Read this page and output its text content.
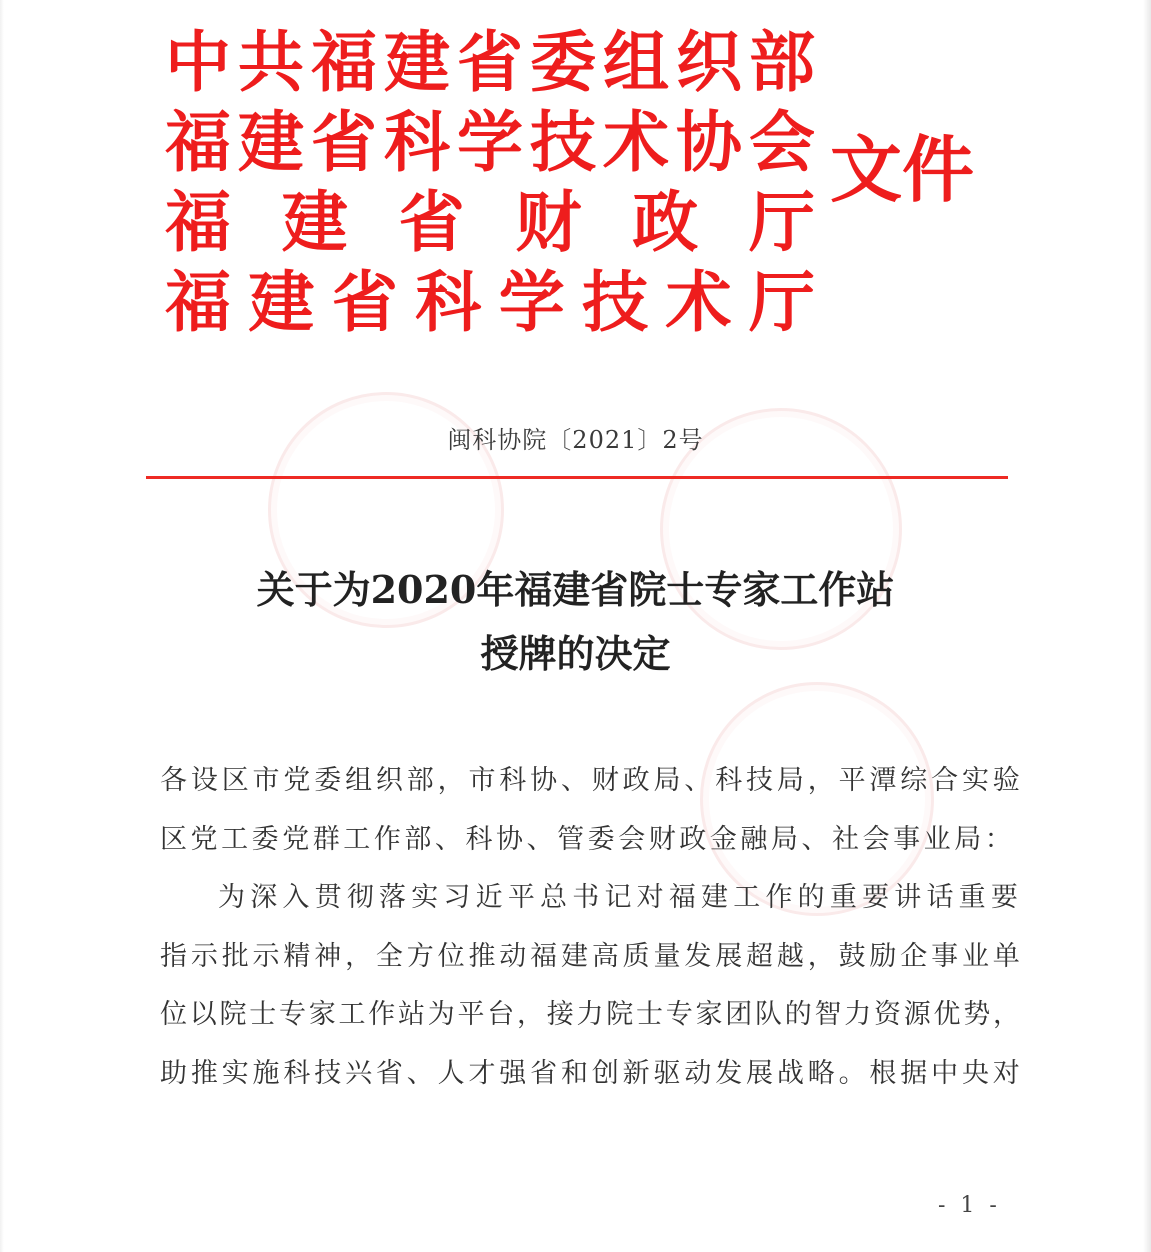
中 共 福 建 省 委 组 织 部
福 建 省 科 学 技 术 协 会
福 建 省 财 政 厅
福 建 省 科 学 技 术 厅
文件
闽科协院〔2021〕2号
关于为2020年福建省院士专家工作站
授牌的决定
各 设 区 市 党 委 组 织 部 ， 市 科 协 、 财 政 局 、 科 技 局 ， 平 潭 综 合 实 验
区 党 工 委 党 群 工 作 部 、 科 协 、 管 委 会 财 政 金 融 局 、 社 会 事 业 局 ：
为 深 入 贯 彻 落 实 习 近 平 总 书 记 对 福 建 工 作 的 重 要 讲 话 重 要
指 示 批 示 精 神 ， 全 方 位 推 动 福 建 高 质 量 发 展 超 越 ， 鼓 励 企 事 业 单
位 以 院 士 专 家 工 作 站 为 平 台 ， 接 力 院 士 专 家 团 队 的 智 力 资 源 优 势 ，
助 推 实 施 科 技 兴 省 、 人 才 强 省 和 创 新 驱 动 发 展 战 略 。 根 据 中 央 对
- 1 -
